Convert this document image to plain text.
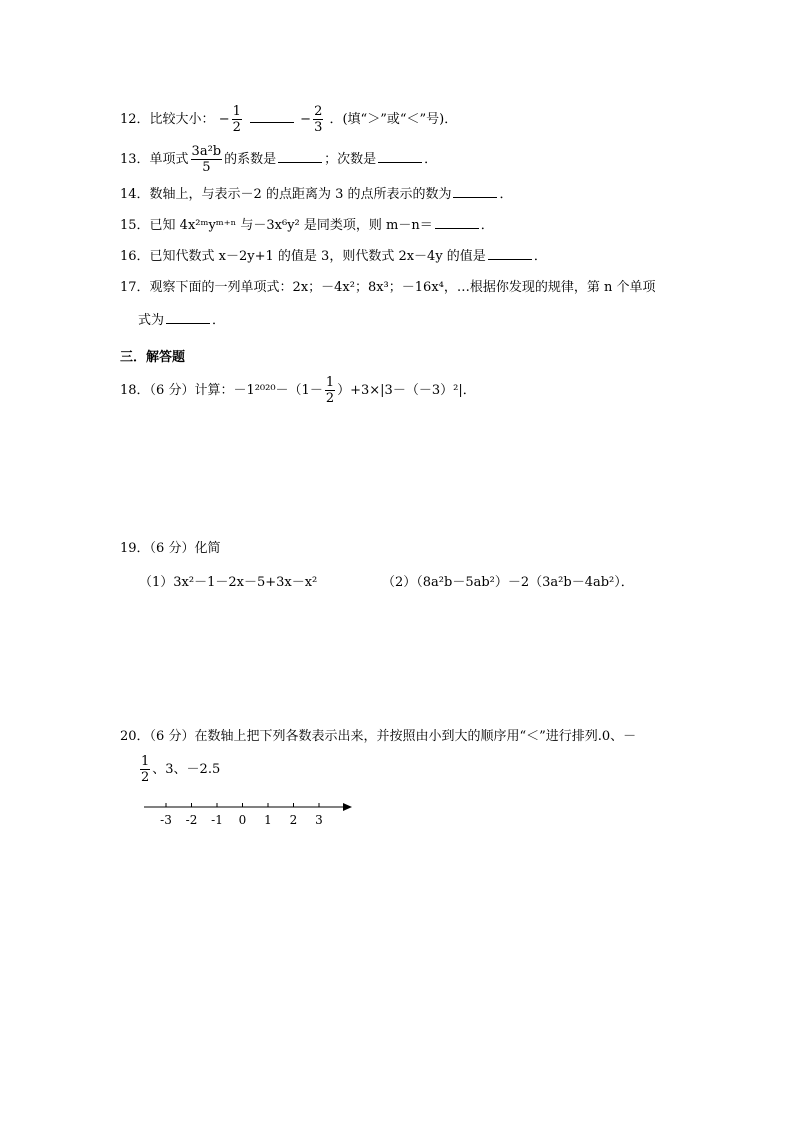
12．比较大小： − $\frac{1}{2}$	− $\frac{2}{3}$ ．(填“＞”或“＜”号)．
13．单项式 $\frac{\text{3a²b}}{5}$ 的系数是	；次数是	．
14．数轴上，与表示－2 的点距离为 3 的点所表示的数为	．
15．已知 4x²ᵐyᵐ⁺ⁿ 与－3x⁶y² 是同类项，则 m－n＝	．
16．已知代数式 x－2y+1 的值是 3，则代数式 2x－4y 的值是	．
17．观察下面的一列单项式：2x；－4x²；8x³；－16x⁴，…根据你发现的规律，第 n 个单项
式为	．
三．解答题
18．（6 分）计算：$-1^{2020}-(1- \frac{1}{2} )+3\times|3-(-3)^2|$．
19．（6 分）化简
（1）3x²－1－2x－5+3x－x²	（2）（8a²b－5ab²）－2（3a²b－4ab²）．
20．（6 分）在数轴上把下列各数表示出来，并按照由小到大的顺序用“＜”进行排列.0、－
$\frac{1}{2}$ 、3、－2.5
-3 -2 -1 0 1 2 3
